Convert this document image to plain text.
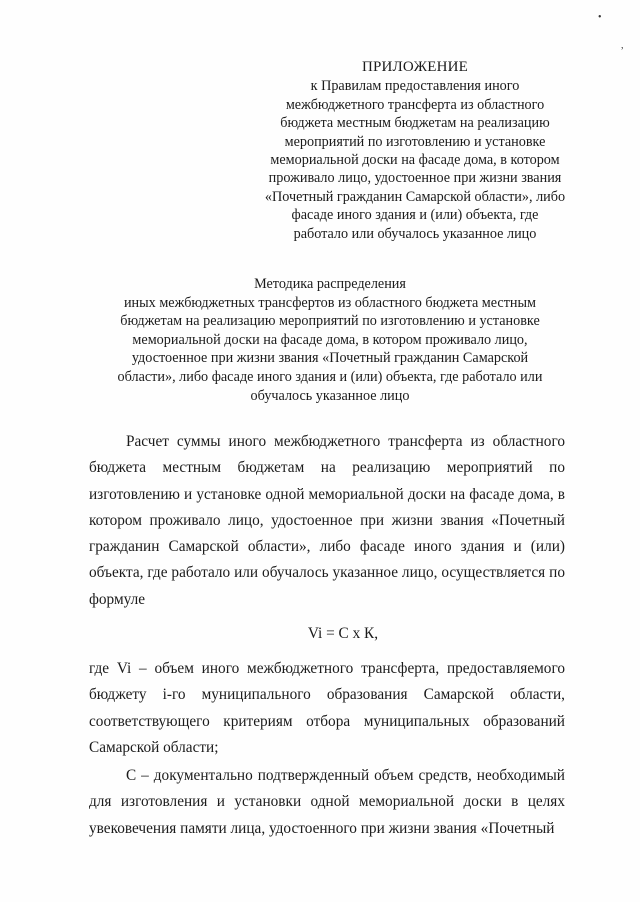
•
,
ПРИЛОЖЕНИЕ
к Правилам предоставления иного
межбюджетного трансферта из областного
бюджета местным бюджетам на реализацию
мероприятий по изготовлению и установке
мемориальной доски на фасаде дома, в котором
проживало лицо, удостоенное при жизни звания
«Почетный гражданин Самарской области», либо
фасаде иного здания и (или) объекта, где
работало или обучалось указанное лицо
Методика распределения
иных межбюджетных трансфертов из областного бюджета местным
бюджетам на реализацию мероприятий по изготовлению и установке
мемориальной доски на фасаде дома, в котором проживало лицо,
удостоенное при жизни звания «Почетный гражданин Самарской
области», либо фасаде иного здания и (или) объекта, где работало или
обучалось указанное лицо

Расчет суммы иного межбюджетного трансферта из областного бюджета местным бюджетам на реализацию мероприятий по изготовлению и установке одной мемориальной доски на фасаде дома, в котором проживало лицо, удостоенное при жизни звания «Почетный гражданин Самарской области», либо фасаде иного здания и (или) объекта, где работало или обучалось указанное лицо, осуществляется по формуле

Vi = С х К,

где Vi – объем иного межбюджетного трансферта, предоставляемого бюджету i-го муниципального образования Самарской области, соответствующего критериям отбора муниципальных образований Самарской области;

С – документально подтвержденный объем средств, необходимый для изготовления и установки одной мемориальной доски в целях увековечения памяти лица, удостоенного при жизни звания «Почетный
